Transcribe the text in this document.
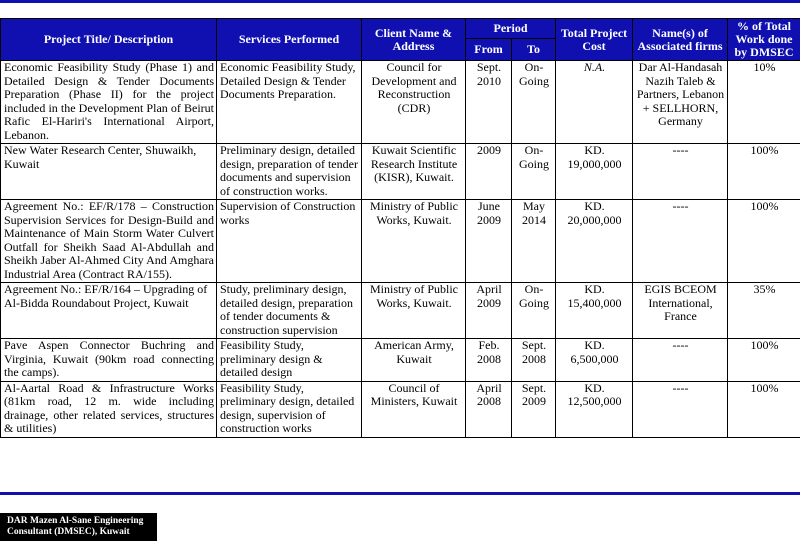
Project Title/ Description	Services Performed	Client Name & Address	Period		Total Project Cost	Name(s) of Associated firms	% of Total Work done by DMSEC
			From	To			
Economic Feasibility Study (Phase 1) and Detailed Design & Tender Documents Preparation (Phase II) for the project included in the Development Plan of Beirut Rafic El-Hariri's International Airport, Lebanon.	Economic Feasibility Study, Detailed Design & Tender Documents Preparation.	Council for Development and Reconstruction (CDR)	Sept. 2010	On-Going	N.A.	Dar Al-Handasah Nazih Taleb & Partners, Lebanon + SELLHORN, Germany	10%
New Water Research Center, Shuwaikh, Kuwait	Preliminary design, detailed design, preparation of tender documents and supervision of construction works.	Kuwait Scientific Research Institute (KISR), Kuwait.	2009	On-Going	KD. 19,000,000	----	100%
Agreement No.: EF/R/178 – Construction Supervision Services for Design-Build and Maintenance of Main Storm Water Culvert Outfall for Sheikh Saad Al-Abdullah and Sheikh Jaber Al-Ahmed City And Amghara Industrial Area (Contract RA/155).	Supervision of Construction works	Ministry of Public Works, Kuwait.	June 2009	May 2014	KD. 20,000,000	----	100%
Agreement No.: EF/R/164 – Upgrading of Al-Bidda Roundabout Project, Kuwait	Study, preliminary design, detailed design, preparation of tender documents & construction supervision	Ministry of Public Works, Kuwait.	April 2009	On-Going	KD. 15,400,000	EGIS BCEOM International, France	35%
Pave Aspen Connector Buchring and Virginia, Kuwait (90km road connecting the camps).	Feasibility Study, preliminary design & detailed design	American Army, Kuwait	Feb. 2008	Sept. 2008	KD. 6,500,000	----	100%
Al-Aartal Road & Infrastructure Works (81km road, 12 m. wide including drainage, other related services, structures & utilities)	Feasibility Study, preliminary design, detailed design, supervision of construction works	Council of Ministers, Kuwait	April 2008	Sept. 2009	KD. 12,500,000	----	100%
DAR Mazen Al-Sane Engineering
Consultant (DMSEC), Kuwait
